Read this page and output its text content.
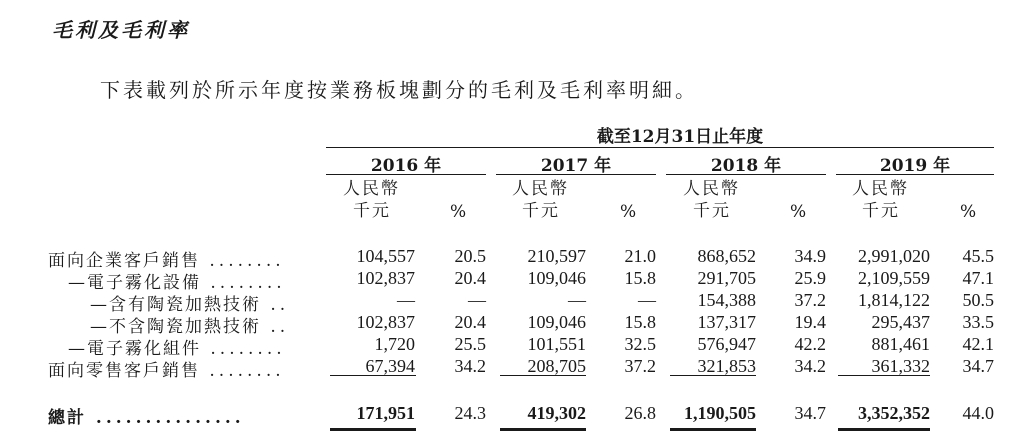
毛利及毛利率
下表載列於所示年度按業務板塊劃分的毛利及毛利率明細。
截至12月31日止年度
2016 年	2017 年	2018 年	2019 年
人民幣
千元	%
人民幣
千元	%
人民幣
千元	%
人民幣
千元	%
面向企業客戶銷售 ........	104,557	20.5	210,597	21.0	868,652	34.9	2,991,020	45.5
—電子霧化設備 ........	102,837	20.4	109,046	15.8	291,705	25.9	2,109,559	47.1
—含有陶瓷加熱技術 ..	—	—	—	—	154,388	37.2	1,814,122	50.5
—不含陶瓷加熱技術 ..	102,837	20.4	109,046	15.8	137,317	19.4	295,437	33.5
—電子霧化組件 ........	1,720	25.5	101,551	32.5	576,947	42.2	881,461	42.1
面向零售客戶銷售 ........	67,394	34.2	208,705	37.2	321,853	34.2	361,332	34.7
總計 ...............	171,951	24.3	419,302	26.8	1,190,505	34.7	3,352,352	44.0
